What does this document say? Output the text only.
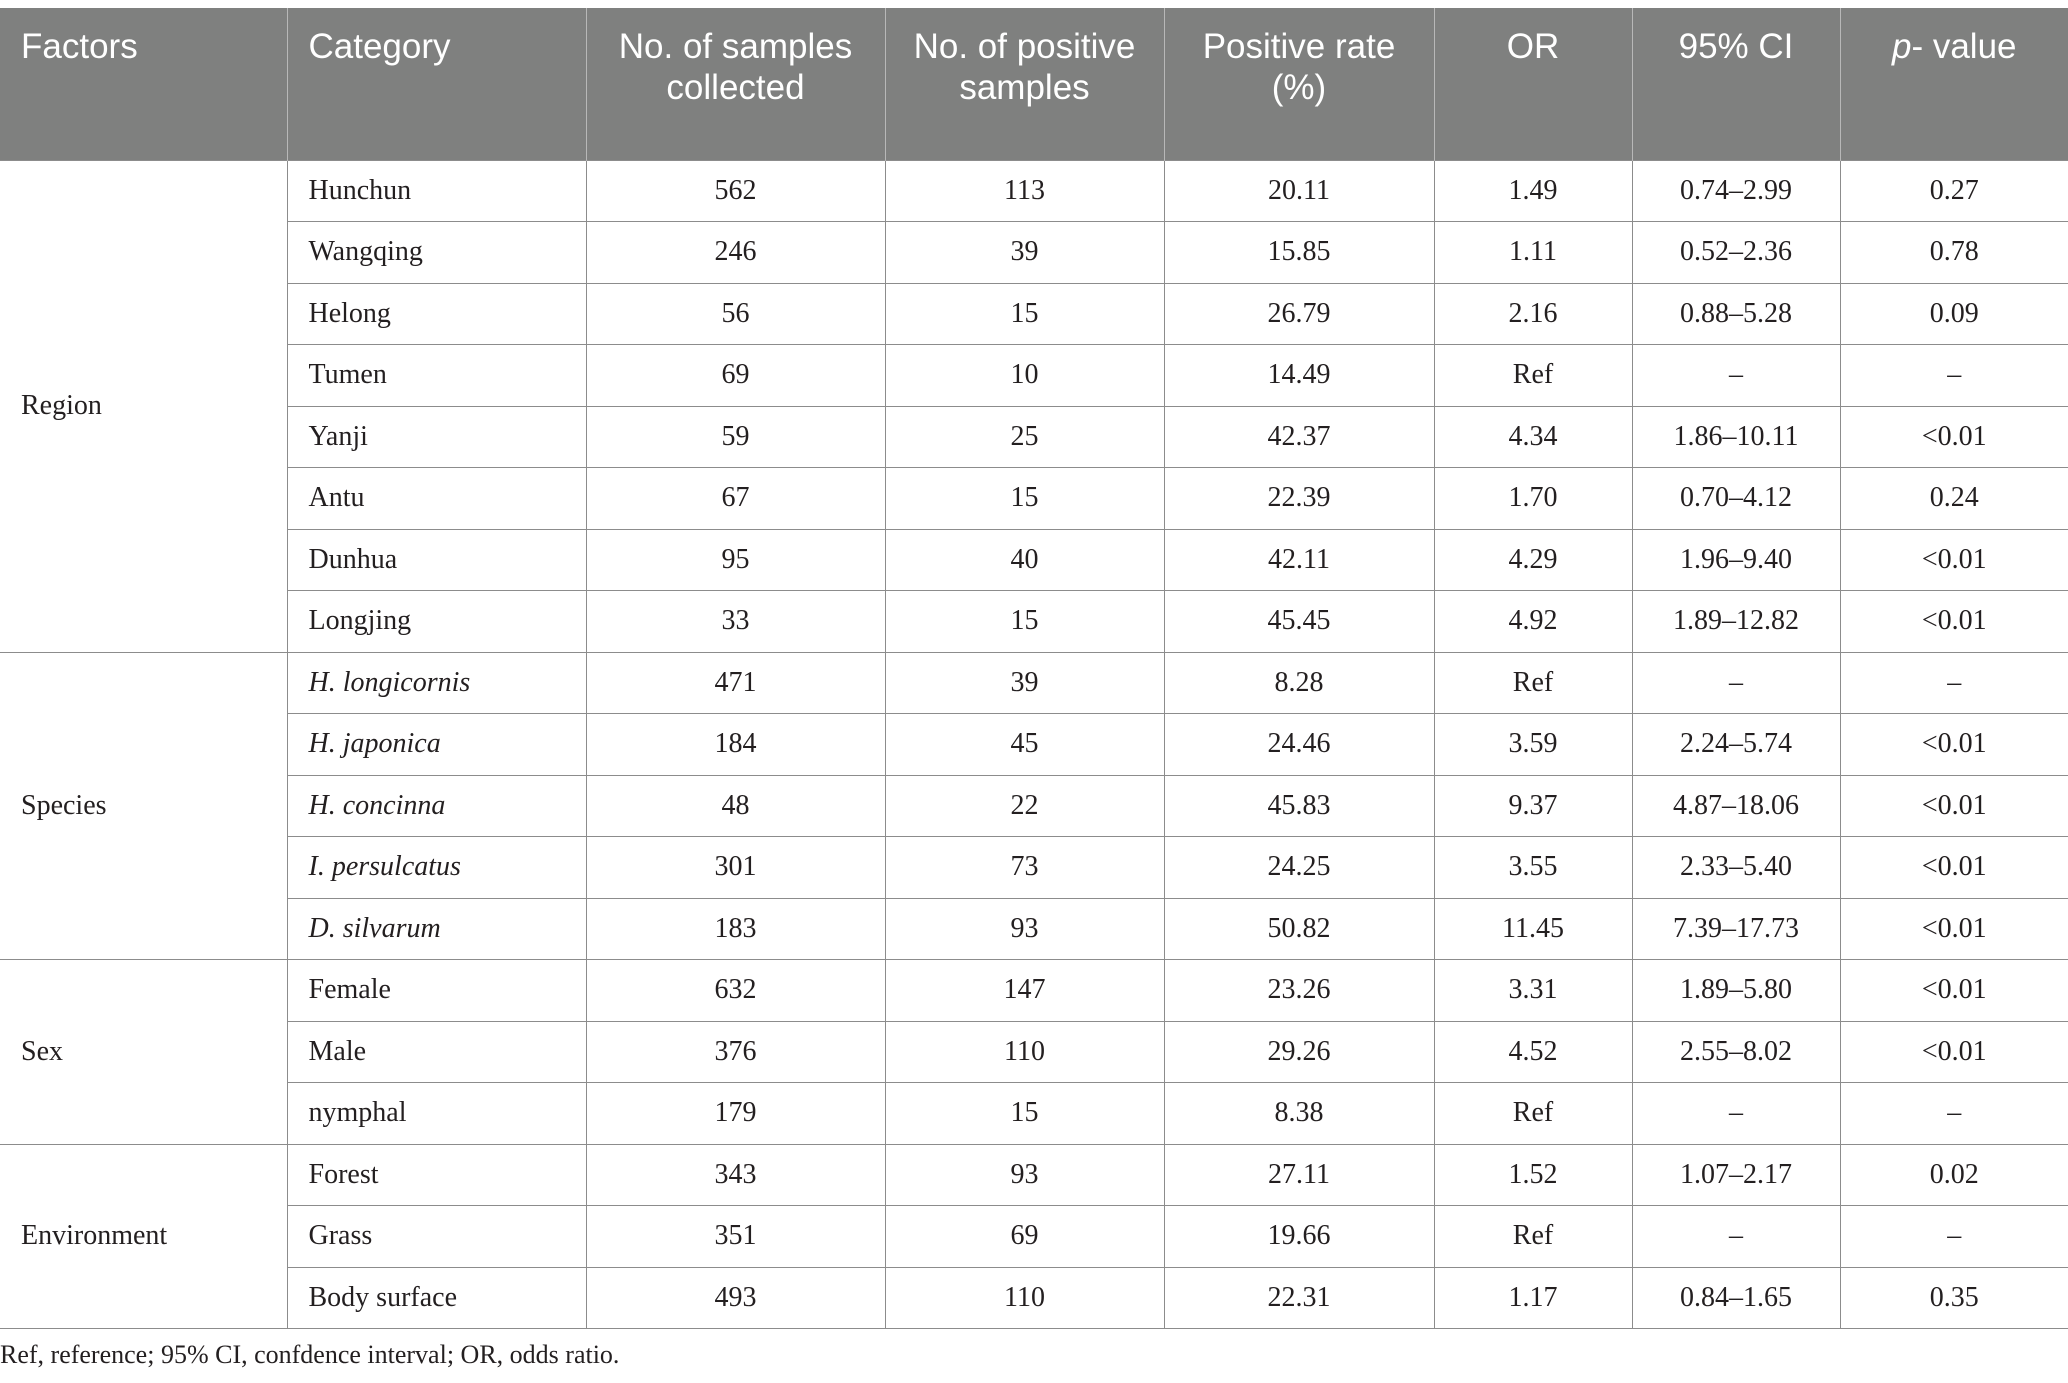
Factors	Category	No. of samples collected	No. of positive samples	Positive rate (%)	OR	95% CI	p- value
Region	Hunchun	562	113	20.11	1.49	0.74–2.99	0.27
	Wangqing	246	39	15.85	1.11	0.52–2.36	0.78
	Helong	56	15	26.79	2.16	0.88–5.28	0.09
	Tumen	69	10	14.49	Ref	–	–
	Yanji	59	25	42.37	4.34	1.86–10.11	<0.01
	Antu	67	15	22.39	1.70	0.70–4.12	0.24
	Dunhua	95	40	42.11	4.29	1.96–9.40	<0.01
	Longjing	33	15	45.45	4.92	1.89–12.82	<0.01
Species	H. longicornis	471	39	8.28	Ref	–	–
	H. japonica	184	45	24.46	3.59	2.24–5.74	<0.01
	H. concinna	48	22	45.83	9.37	4.87–18.06	<0.01
	I. persulcatus	301	73	24.25	3.55	2.33–5.40	<0.01
	D. silvarum	183	93	50.82	11.45	7.39–17.73	<0.01
Sex	Female	632	147	23.26	3.31	1.89–5.80	<0.01
	Male	376	110	29.26	4.52	2.55–8.02	<0.01
	nymphal	179	15	8.38	Ref	–	–
Environment	Forest	343	93	27.11	1.52	1.07–2.17	0.02
	Grass	351	69	19.66	Ref	–	–
	Body surface	493	110	22.31	1.17	0.84–1.65	0.35
Ref, reference; 95% CI, confdence interval; OR, odds ratio.
